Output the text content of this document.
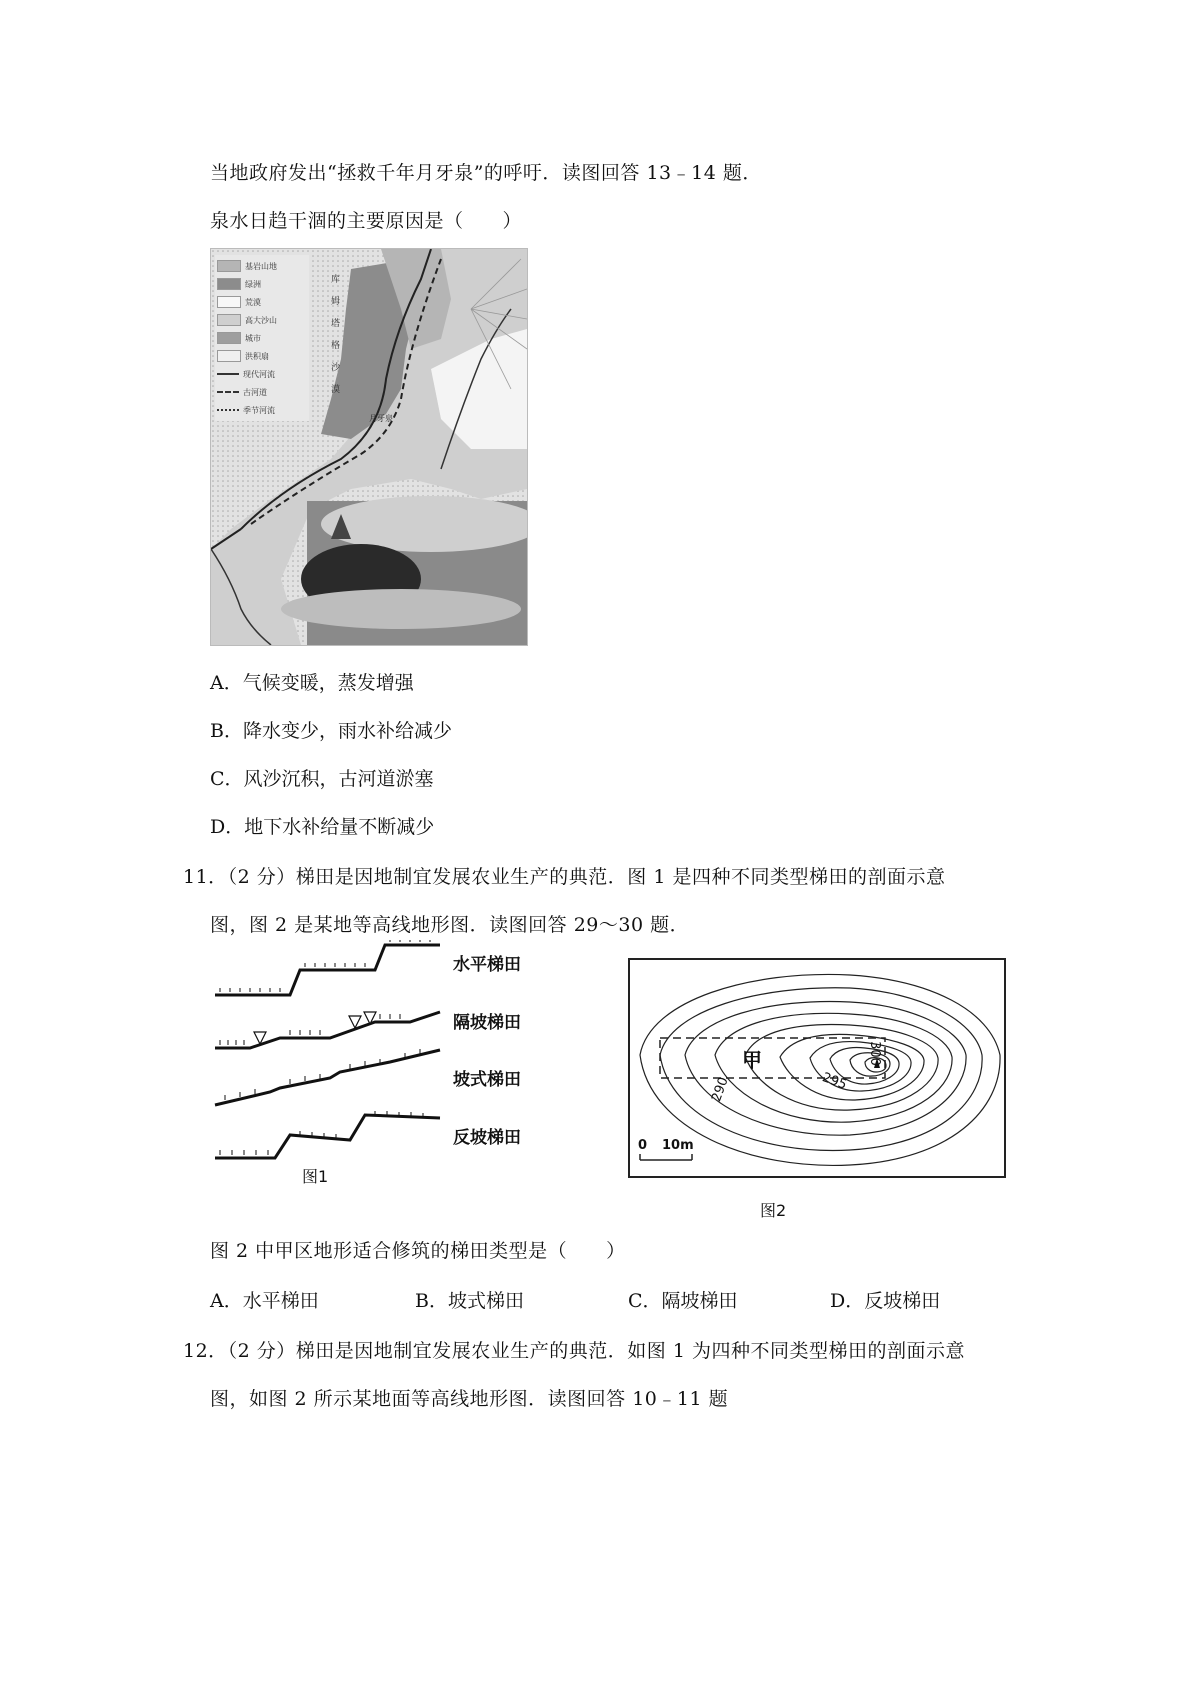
当地政府发出“拯救千年月牙泉”的呼吁．读图回答 13﹣14 题．
泉水日趋干涸的主要原因是（　　）
基岩山地
绿洲
荒漠
高大沙山
城市
洪积扇
现代河流
古河道
季节河流
库 姆 塔 格 沙 漠
月牙泉
A．气候变暖，蒸发增强
B．降水变少，雨水补给减少
C．风沙沉积，古河道淤塞
D．地下水补给量不断减少
11．（2 分）梯田是因地制宜发展农业生产的典范．图 1 是四种不同类型梯田的剖面示意
图，图 2 是某地等高线地形图．读图回答 29～30 题．
水平梯田
隔坡梯田
坡式梯田
反坡梯田
图1
甲
290	295
300
0 10m
图2
图 2 中甲区地形适合修筑的梯田类型是（　　）
A．水平梯田	B．坡式梯田	C．隔坡梯田	D．反坡梯田
12．（2 分）梯田是因地制宜发展农业生产的典范．如图 1 为四种不同类型梯田的剖面示意
图，如图 2 所示某地面等高线地形图．读图回答 10﹣11 题
